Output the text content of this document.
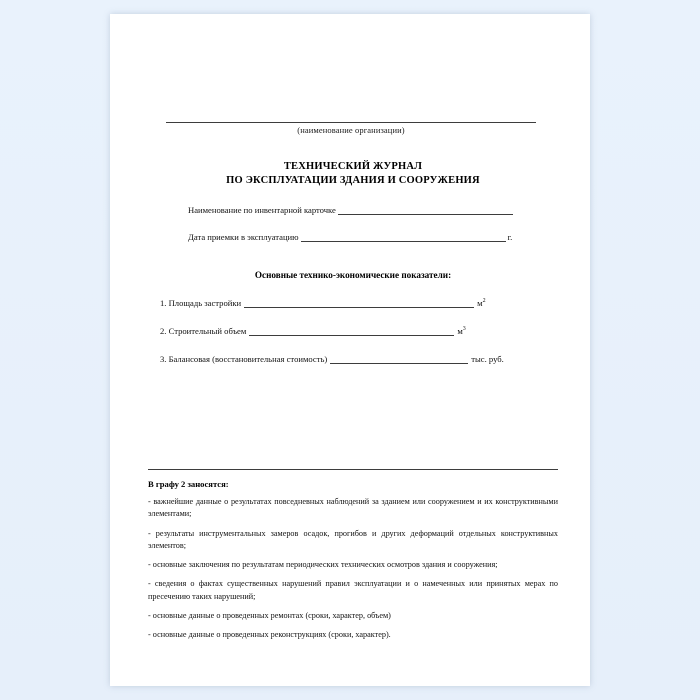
(наименование организации)
ТЕХНИЧЕСКИЙ ЖУРНАЛ
ПО ЭКСПЛУАТАЦИИ ЗДАНИЯ И СООРУЖЕНИЯ
Наименование по инвентарной карточке
Дата приемки в эксплуатацию	г.
Основные технико-экономические показатели:
1. Площадь застройки	$м^2$
2. Строительный объем	$м^3$
3. Балансовая (восстановительная стоимость)	тыс. руб.
В графу 2 заносятся:
- важнейшие данные о результатах повседневных наблюдений за зданием или сооружением и их конструктивными элементами;
- результаты инструментальных замеров осадок, прогибов и других деформаций отдельных конструктивных элементов;
- основные заключения по результатам периодических технических осмотров здания и сооружения;
- сведения о фактах существенных нарушений правил эксплуатации и о намеченных или принятых мерах по пресечению таких нарушений;
- основные данные о проведенных ремонтах (сроки, характер, объем)
- основные данные о проведенных реконструкциях (сроки, характер).
